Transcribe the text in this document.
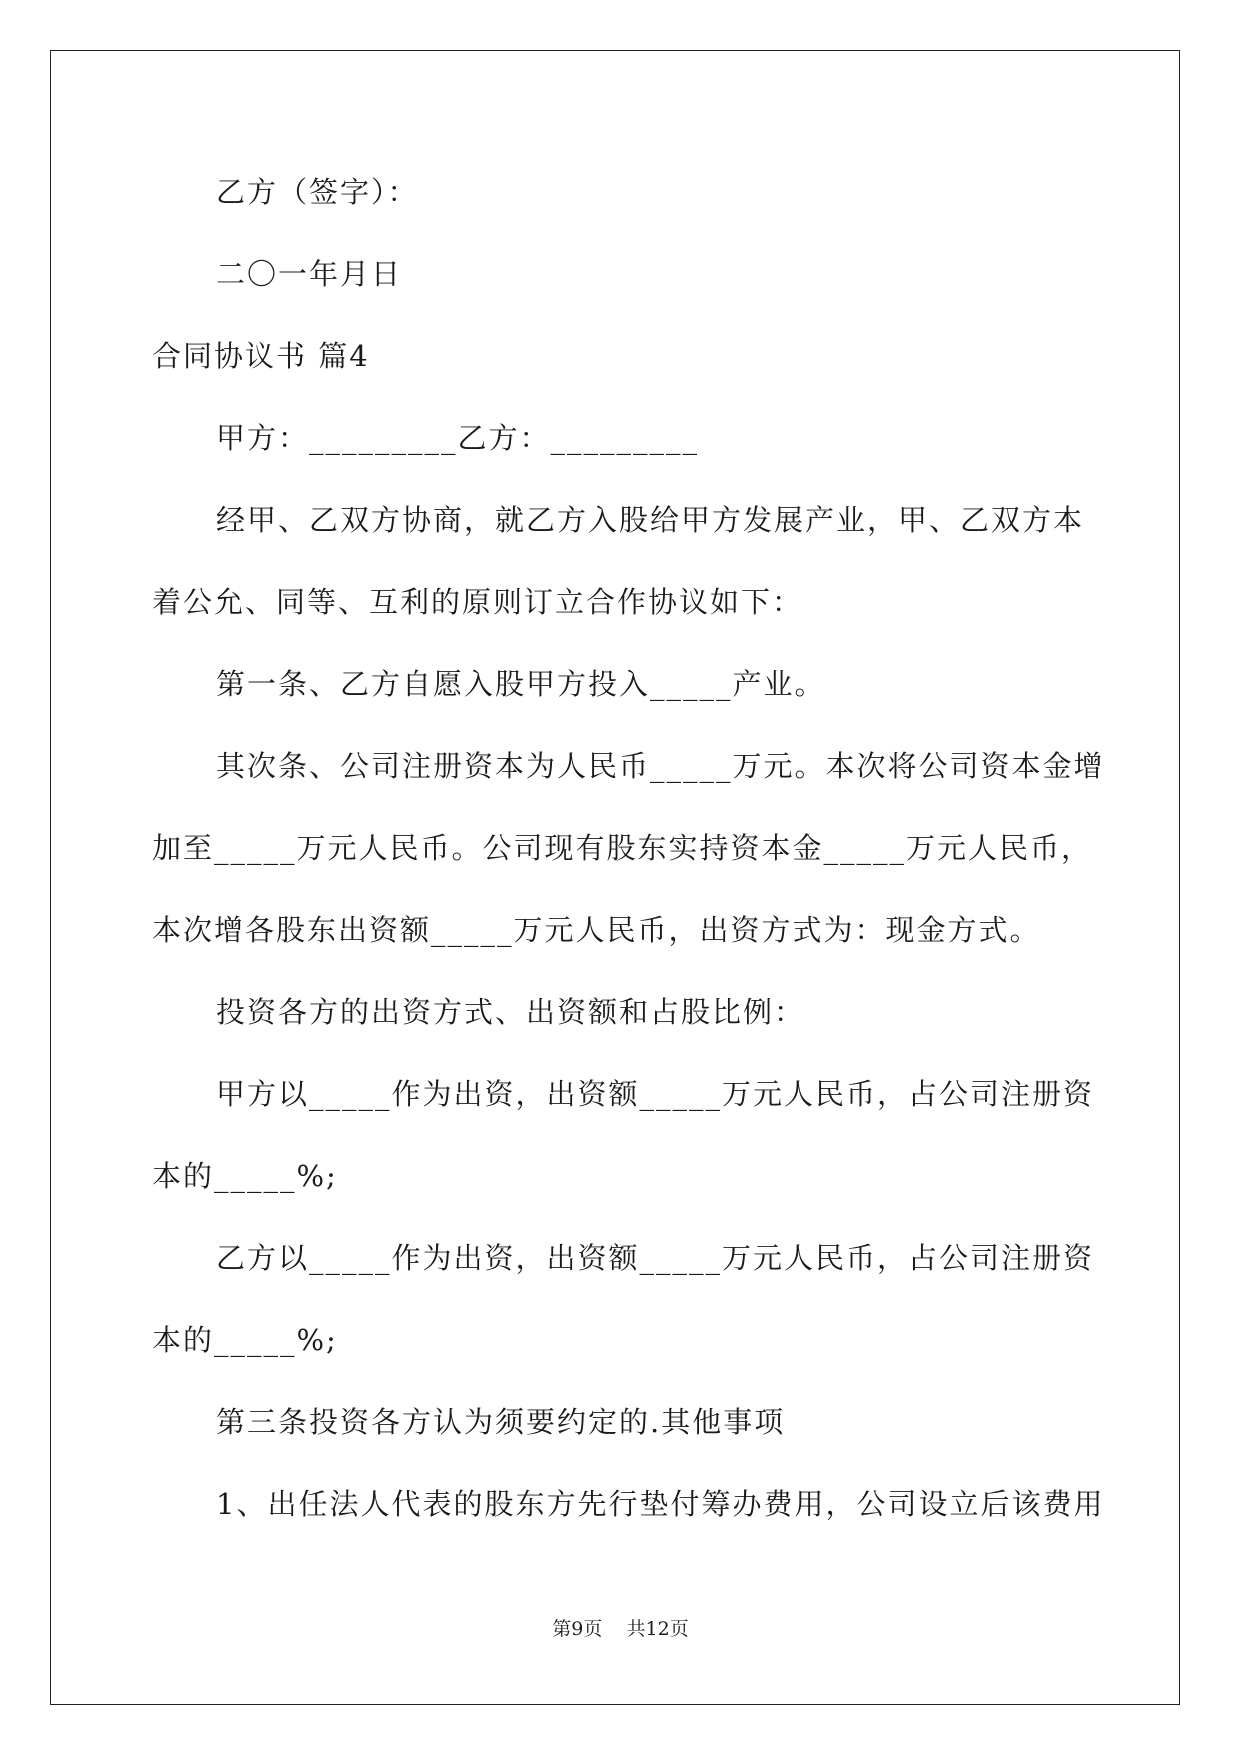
乙方（签字）：
二〇一年月日
合同协议书 篇4
甲方：_________乙方：_________
经甲、乙双方协商，就乙方入股给甲方发展产业，甲、乙双方本
着公允、同等、互利的原则订立合作协议如下：
第一条、乙方自愿入股甲方投入_____产业。
其次条、公司注册资本为人民币_____万元。本次将公司资本金增
加至_____万元人民币。公司现有股东实持资本金_____万元人民币，
本次增各股东出资额_____万元人民币，出资方式为：现金方式。
投资各方的出资方式、出资额和占股比例：
甲方以_____作为出资，出资额_____万元人民币，占公司注册资
本的_____%;
乙方以_____作为出资，出资额_____万元人民币，占公司注册资
本的_____%;
第三条投资各方认为须要约定的.其他事项
1、出任法人代表的股东方先行垫付筹办费用，公司设立后该费用
第9页    共12页
